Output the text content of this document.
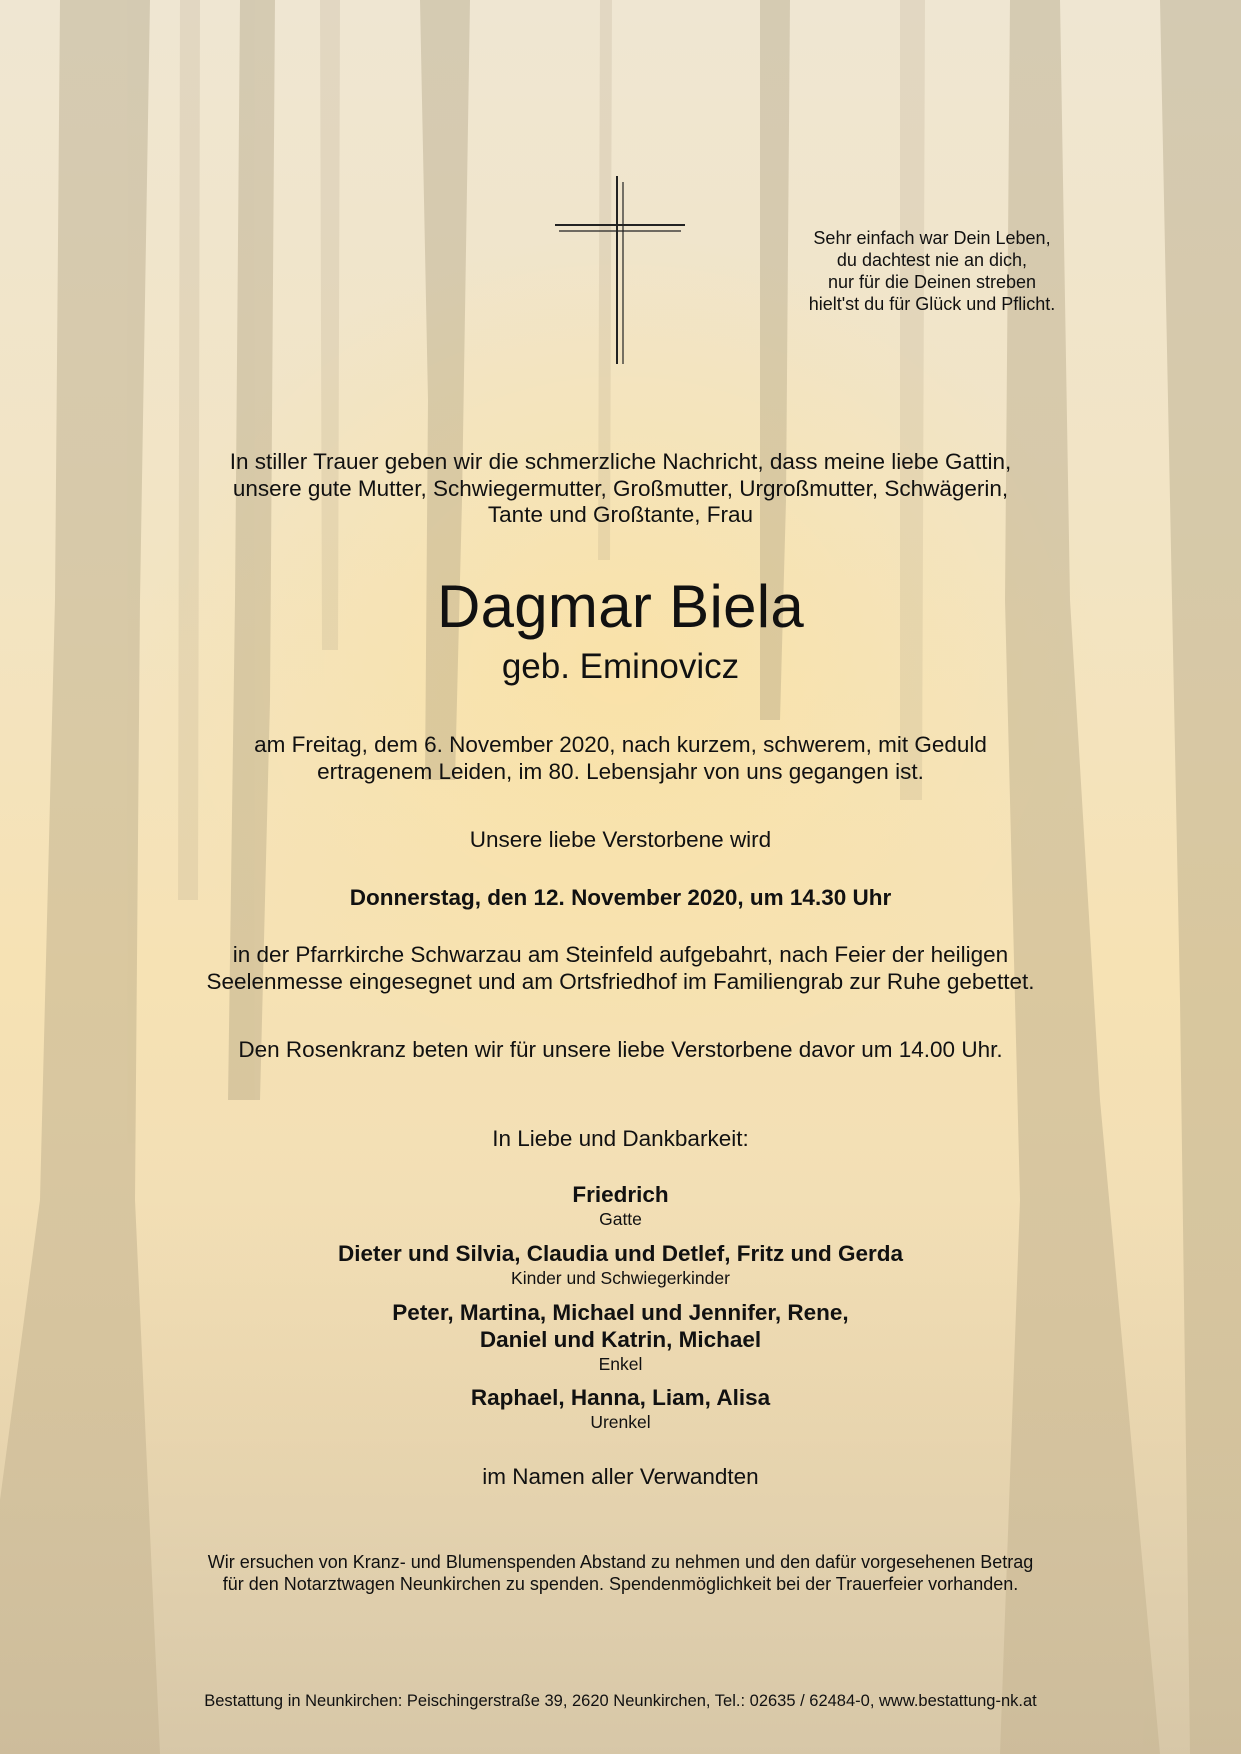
Sehr einfach war Dein Leben,
du dachtest nie an dich,
nur für die Deinen streben
hielt'st du für Glück und Pflicht.
In stiller Trauer geben wir die schmerzliche Nachricht, dass meine liebe Gattin,
unsere gute Mutter, Schwiegermutter, Großmutter, Urgroßmutter, Schwägerin,
Tante und Großtante, Frau
Dagmar Biela
geb. Eminovicz
am Freitag, dem 6. November 2020, nach kurzem, schwerem, mit Geduld
ertragenem Leiden, im 80. Lebensjahr von uns gegangen ist.
Unsere liebe Verstorbene wird
Donnerstag, den 12. November 2020, um 14.30 Uhr
in der Pfarrkirche Schwarzau am Steinfeld aufgebahrt, nach Feier der heiligen
Seelenmesse eingesegnet und am Ortsfriedhof im Familiengrab zur Ruhe gebettet.
Den Rosenkranz beten wir für unsere liebe Verstorbene davor um 14.00 Uhr.
In Liebe und Dankbarkeit:
Friedrich
Gatte
Dieter und Silvia, Claudia und Detlef, Fritz und Gerda
Kinder und Schwiegerkinder
Peter, Martina, Michael und Jennifer, Rene,
Daniel und Katrin, Michael
Enkel
Raphael, Hanna, Liam, Alisa
Urenkel
im Namen aller Verwandten
Wir ersuchen von Kranz- und Blumenspenden Abstand zu nehmen und den dafür vorgesehenen Betrag
für den Notarztwagen Neunkirchen zu spenden. Spendenmöglichkeit bei der Trauerfeier vorhanden.
Bestattung in Neunkirchen: Peischingerstraße 39, 2620 Neunkirchen, Tel.: 02635 / 62484-0, www.bestattung-nk.at
